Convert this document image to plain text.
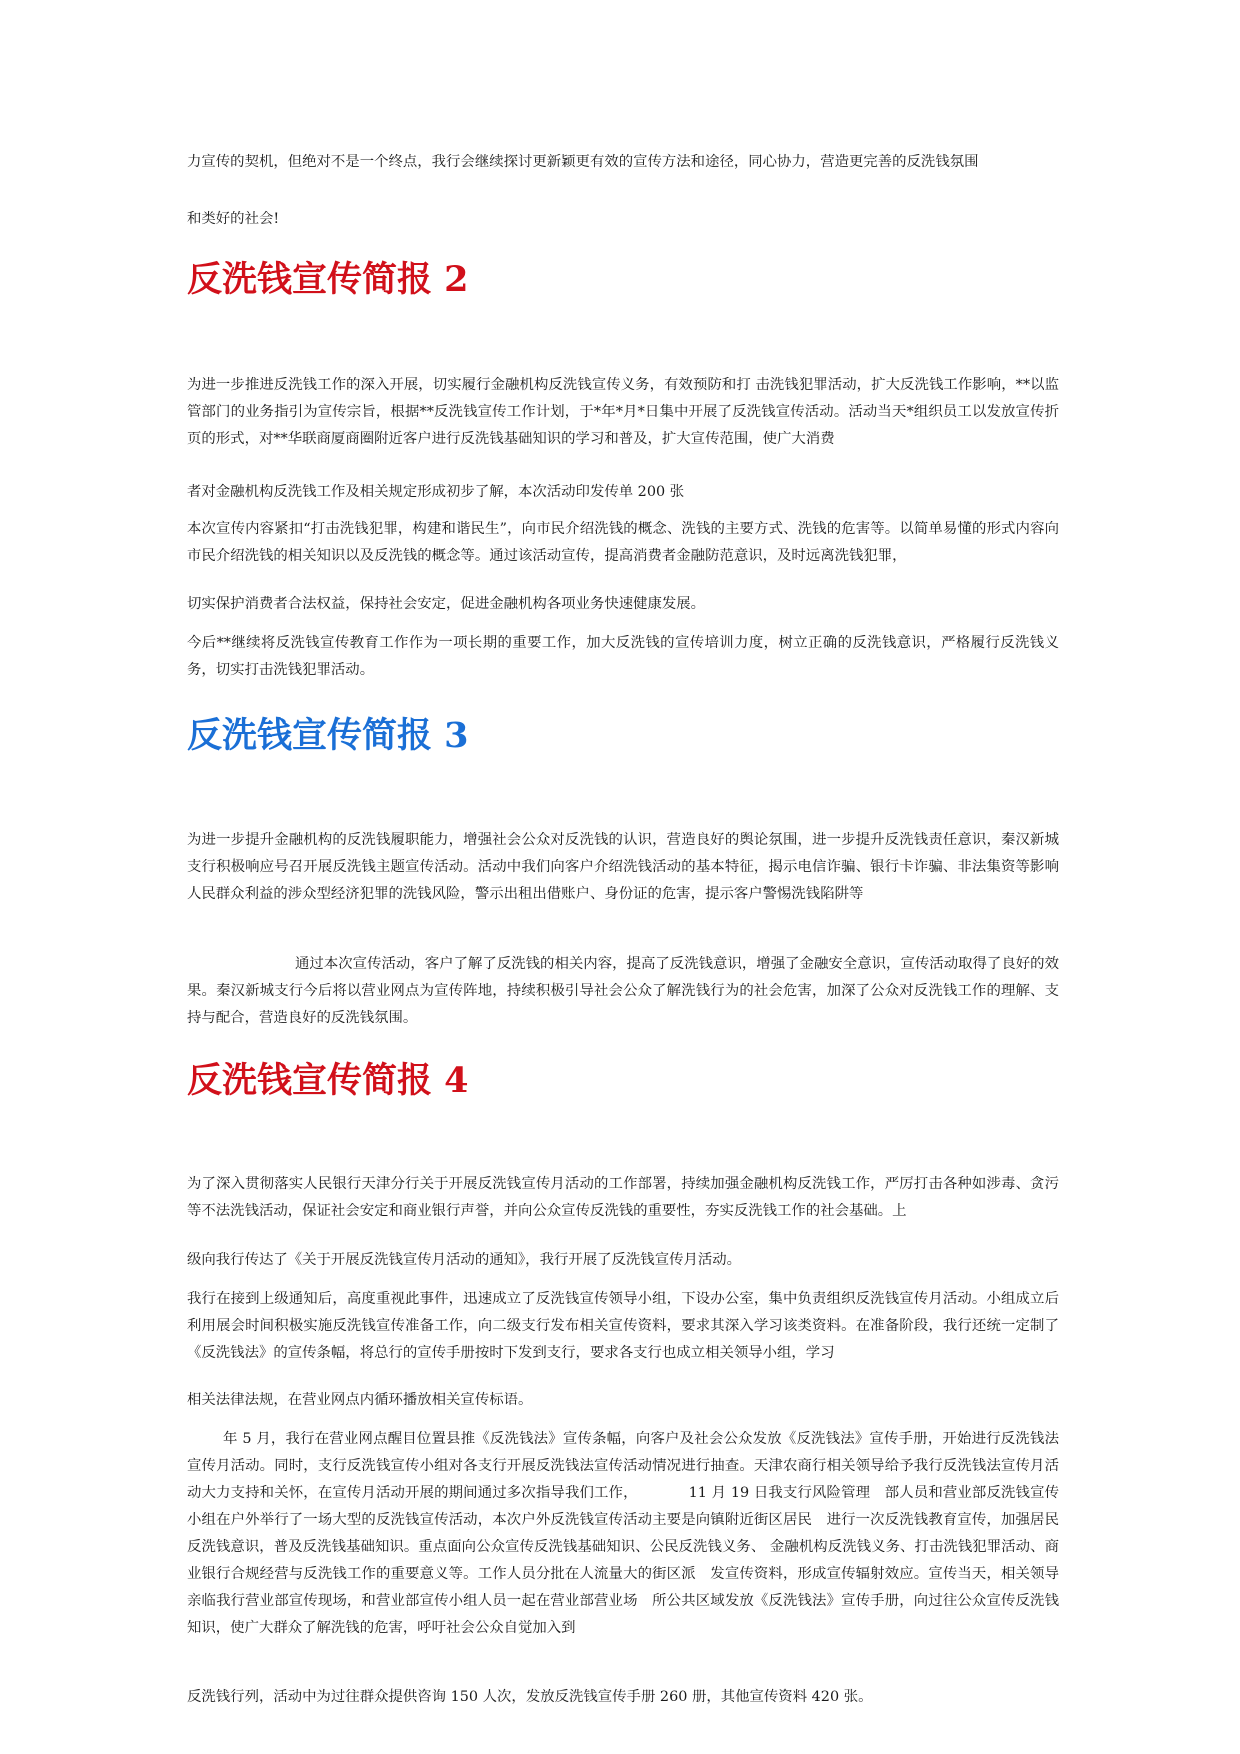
力宣传的契机，但绝对不是一个终点，我行会继续探讨更新颖更有效的宣传方法和途径，同心协力，营造更完善的反洗钱氛围

和类好的社会!

反洗钱宣传简报 2

为进一步推进反洗钱工作的深入开展，切实履行金融机构反洗钱宣传义务，有效预防和打 击洗钱犯罪活动，扩大反洗钱工作影响，**以监管部门的业务指引为宣传宗旨，根据**反洗钱宣传工作计划，于*年*月*日集中开展了反洗钱宣传活动。活动当天*组织员工以发放宣传折页的形式，对**华联商厦商圈附近客户进行反洗钱基础知识的学习和普及，扩大宣传范围，使广大消费

者对金融机构反洗钱工作及相关规定形成初步了解，本次活动印发传单 200 张

本次宣传内容紧扣“打击洗钱犯罪，构建和谐民生”，向市民介绍洗钱的概念、洗钱的主要方式、洗钱的危害等。以简单易懂的形式内容向市民介绍洗钱的相关知识以及反洗钱的概念等。通过该活动宣传，提高消费者金融防范意识，及时远离洗钱犯罪，

切实保护消费者合法权益，保持社会安定，促进金融机构各项业务快速健康发展。

今后**继续将反洗钱宣传教育工作作为一项长期的重要工作，加大反洗钱的宣传培训力度，树立正确的反洗钱意识，严格履行反洗钱义务，切实打击洗钱犯罪活动。

反洗钱宣传简报 3

为进一步提升金融机构的反洗钱履职能力，增强社会公众对反洗钱的认识，营造良好的舆论氛围，进一步提升反洗钱责任意识，秦汉新城支行积极响应号召开展反洗钱主题宣传活动。活动中我们向客户介绍洗钱活动的基本特征，揭示电信诈骗、银行卡诈骗、非法集资等影响人民群众利益的涉众型经济犯罪的洗钱风险，警示出租出借账户、身份证的危害，提示客户警惕洗钱陷阱等

通过本次宣传活动，客户了解了反洗钱的相关内容，提高了反洗钱意识，增强了金融安全意识，宣传活动取得了良好的效果。秦汉新城支行今后将以营业网点为宣传阵地，持续积极引导社会公众了解洗钱行为的社会危害，加深了公众对反洗钱工作的理解、支持与配合，营造良好的反洗钱氛围。

反洗钱宣传简报 4

为了深入贯彻落实人民银行天津分行关于开展反洗钱宣传月活动的工作部署，持续加强金融机构反洗钱工作，严厉打击各种如涉毒、贪污等不法洗钱活动，保证社会安定和商业银行声誉，并向公众宣传反洗钱的重要性，夯实反洗钱工作的社会基础。上

级向我行传达了《关于开展反洗钱宣传月活动的通知》，我行开展了反洗钱宣传月活动。

我行在接到上级通知后，高度重视此事件，迅速成立了反洗钱宣传领导小组，下设办公室，集中负责组织反洗钱宣传月活动。小组成立后利用展会时间积极实施反洗钱宣传准备工作，向二级支行发布相关宣传资料，要求其深入学习该类资料。在准备阶段，我行还统一定制了《反洗钱法》的宣传条幅，将总行的宣传手册按时下发到支行，要求各支行也成立相关领导小组，学习

相关法律法规，在营业网点内循环播放相关宣传标语。

年 5 月，我行在营业网点醒目位置县推《反洗钱法》宣传条幅，向客户及社会公众发放《反洗钱法》宣传手册，开始进行反洗钱法宣传月活动。同时，支行反洗钱宣传小组对各支行开展反洗钱法宣传活动情况进行抽查。天津农商行相关领导给予我行反洗钱法宣传月活动大力支持和关怀，在宣传月活动开展的期间通过多次指导我们工作，　　　　11 月 19 日我支行风险管理　部人员和营业部反洗钱宣传小组在户外举行了一场大型的反洗钱宣传活动，本次户外反洗钱宣传活动主要是向镇附近街区居民　进行一次反洗钱教育宣传，加强居民反洗钱意识，普及反洗钱基础知识。重点面向公众宣传反洗钱基础知识、公民反洗钱义务、 金融机构反洗钱义务、打击洗钱犯罪活动、商业银行合规经营与反洗钱工作的重要意义等。工作人员分批在人流量大的街区派　发宣传资料，形成宣传辐射效应。宣传当天，相关领导亲临我行营业部宣传现场，和营业部宣传小组人员一起在营业部营业场　所公共区域发放《反洗钱法》宣传手册，向过往公众宣传反洗钱知识，使广大群众了解洗钱的危害，呼吁社会公众自觉加入到

反洗钱行列，活动中为过往群众提供咨询 150 人次，发放反洗钱宣传手册 260 册，其他宣传资料 420 张。
